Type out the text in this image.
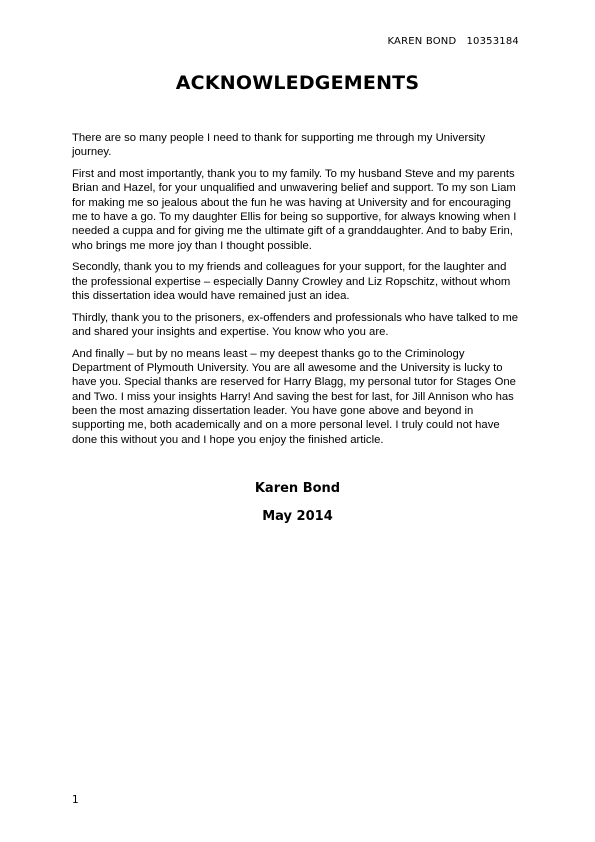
KAREN BOND   10353184
ACKNOWLEDGEMENTS

There are so many people I need to thank for supporting me through my University journey.

First and most importantly, thank you to my family. To my husband Steve and my parents Brian and Hazel, for your unqualified and unwavering belief and support. To my son Liam for making me so jealous about the fun he was having at University and for encouraging me to have a go. To my daughter Ellis for being so supportive, for always knowing when I needed a cuppa and for giving me the ultimate gift of a granddaughter. And to baby Erin, who brings me more joy than I thought possible.

Secondly, thank you to my friends and colleagues for your support, for the laughter and the professional expertise – especially Danny Crowley and Liz Ropschitz, without whom this dissertation idea would have remained just an idea.

Thirdly, thank you to the prisoners, ex-offenders and professionals who have talked to me and shared your insights and expertise. You know who you are.

And finally – but by no means least – my deepest thanks go to the Criminology Department of Plymouth University. You are all awesome and the University is lucky to have you. Special thanks are reserved for Harry Blagg, my personal tutor for Stages One and Two. I miss your insights Harry! And saving the best for last, for Jill Annison who has been the most amazing dissertation leader. You have gone above and beyond in supporting me, both academically and on a more personal level. I truly could not have done this without you and I hope you enjoy the finished article.

Karen Bond
May 2014
1
